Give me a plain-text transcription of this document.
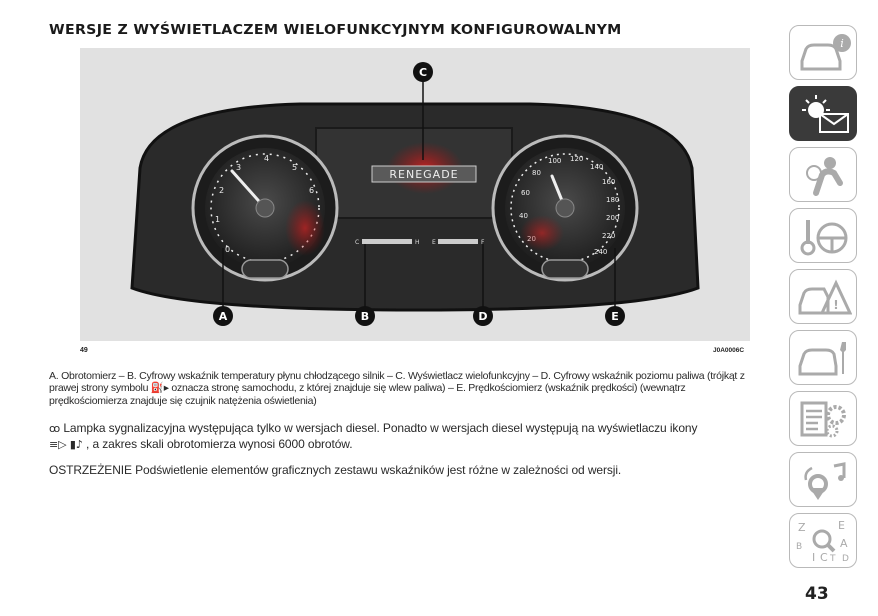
WERSJE Z WYŚWIETLACZEM WIELOFUNKCYJNYM KONFIGUROWALNYM
RENEGADE
C	H E	F
0
1
2
3
4
5
6
40
60
80
100 120
140
160
180
200
220
240
C
A	B	D	E
49	J0A0006C
A. Obrotomierz – B. Cyfrowy wskaźnik temperatury płynu chłodzącego silnik – C. Wyświetlacz wielofunkcyjny – D. Cyfrowy wskaźnik poziomu paliwa (trójkąt z prawej strony symbolu ⛽▸ oznacza stronę samochodu, z której znajduje się wlew paliwa) – E. Prędkościomierz (wskaźnik prędkości) (wewnątrz prędkościomierza znajduje się czujnik natężenia oświetlenia)
ꝏ Lampka sygnalizacyjna występująca tylko w wersjach diesel. Ponadto w wersjach diesel występują na wyświetlaczu ikony
≡▷ ▮♪ , a zakres skali obrotomierza wynosi 6000 obrotów.
OSTRZEŻENIE Podświetlenie elementów graficznych zestawu wskaźników jest różne w zależności od wersji.
i
!
Z	E
B	A
I C T D
43
